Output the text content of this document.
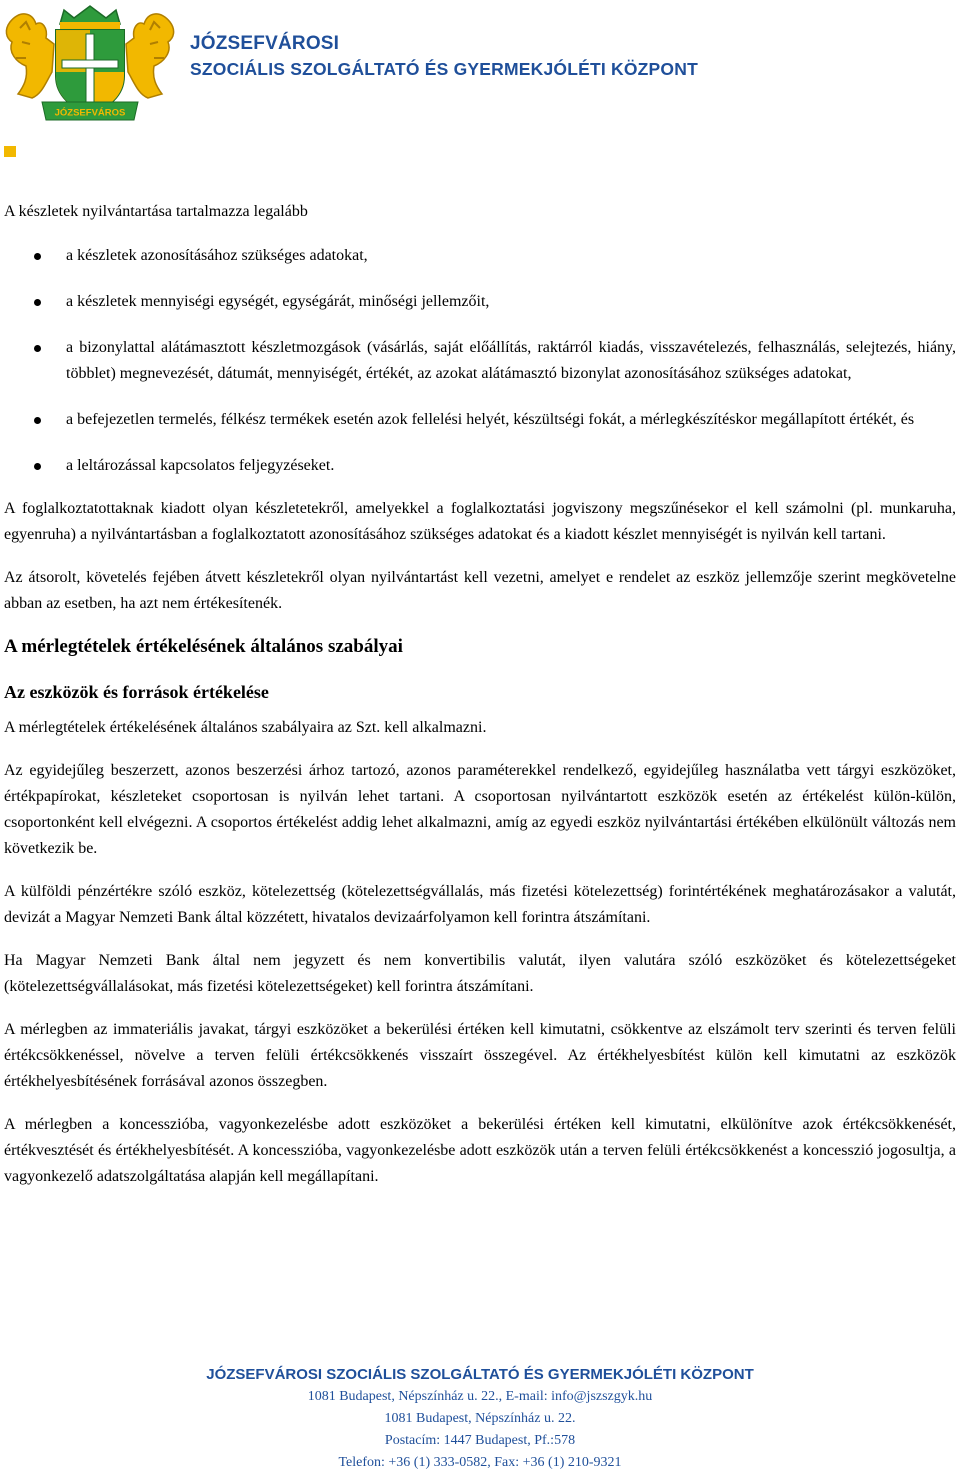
JÓZSEFVÁROS
JÓZSEFVÁROSI
SZOCIÁLIS SZOLGÁLTATÓ ÉS GYERMEKJÓLÉTI KÖZPONT

A készletek nyilvántartása tartalmazza legalább

a készletek azonosításához szükséges adatokat,
a készletek mennyiségi egységét, egységárát, minőségi jellemzőit,
a bizonylattal alátámasztott készletmozgások (vásárlás, saját előállítás, raktárról kiadás, visszavételezés, felhasználás, selejtezés, hiány, többlet) megnevezését, dátumát, mennyiségét, értékét, az azokat alátámasztó bizonylat azonosításához szükséges adatokat,
a befejezetlen termelés, félkész termékek esetén azok fellelési helyét, készültségi fokát, a mérlegkészítéskor megállapított értékét, és
a leltározással kapcsolatos feljegyzéseket.

A foglalkoztatottaknak kiadott olyan készletetekről, amelyekkel a foglalkoztatási jogviszony megszűnésekor el kell számolni (pl. munkaruha, egyenruha) a nyilvántartásban a foglalkoztatott azonosításához szükséges adatokat és a kiadott készlet mennyiségét is nyilván kell tartani.

Az átsorolt, követelés fejében átvett készletekről olyan nyilvántartást kell vezetni, amelyet e rendelet az eszköz jellemzője szerint megkövetelne abban az esetben, ha azt nem értékesítenék.

A mérlegtételek értékelésének általános szabályai
Az eszközök és források értékelése

A mérlegtételek értékelésének általános szabályaira az Szt. kell alkalmazni.

Az egyidejűleg beszerzett, azonos beszerzési árhoz tartozó, azonos paraméterekkel rendelkező, egyidejűleg használatba vett tárgyi eszközöket, értékpapírokat, készleteket csoportosan is nyilván lehet tartani. A csoportosan nyilvántartott eszközök esetén az értékelést külön-külön, csoportonként kell elvégezni. A csoportos értékelést addig lehet alkalmazni, amíg az egyedi eszköz nyilvántartási értékében elkülönült változás nem következik be.

A külföldi pénzértékre szóló eszköz, kötelezettség (kötelezettségvállalás, más fizetési kötelezettség) forintértékének meghatározásakor a valutát, devizát a Magyar Nemzeti Bank által közzétett, hivatalos devizaárfolyamon kell forintra átszámítani.

Ha Magyar Nemzeti Bank által nem jegyzett és nem konvertibilis valutát, ilyen valutára szóló eszközöket és kötelezettségeket (kötelezettségvállalásokat, más fizetési kötelezettségeket) kell forintra átszámítani.

A mérlegben az immateriális javakat, tárgyi eszközöket a bekerülési értéken kell kimutatni, csökkentve az elszámolt terv szerinti és terven felüli értékcsökkenéssel, növelve a terven felüli értékcsökkenés visszaírt összegével. Az értékhelyesbítést külön kell kimutatni az eszközök értékhelyesbítésének forrásával azonos összegben.

A mérlegben a koncesszióba, vagyonkezelésbe adott eszközöket a bekerülési értéken kell kimutatni, elkülönítve azok értékcsökkenését, értékvesztését és értékhelyesbítését. A koncesszióba, vagyonkezelésbe adott eszközök után a terven felüli értékcsökkenést a koncesszió jogosultja, a vagyonkezelő adatszolgáltatása alapján kell megállapítani.

JÓZSEFVÁROSI SZOCIÁLIS SZOLGÁLTATÓ ÉS GYERMEKJÓLÉTI KÖZPONT
1081 Budapest, Népszínház u. 22., E-mail: info@jszszgyk.hu
1081 Budapest, Népszínház u. 22.
Postacím: 1447 Budapest, Pf.:578
Telefon: +36 (1) 333-0582, Fax: +36 (1) 210-9321
